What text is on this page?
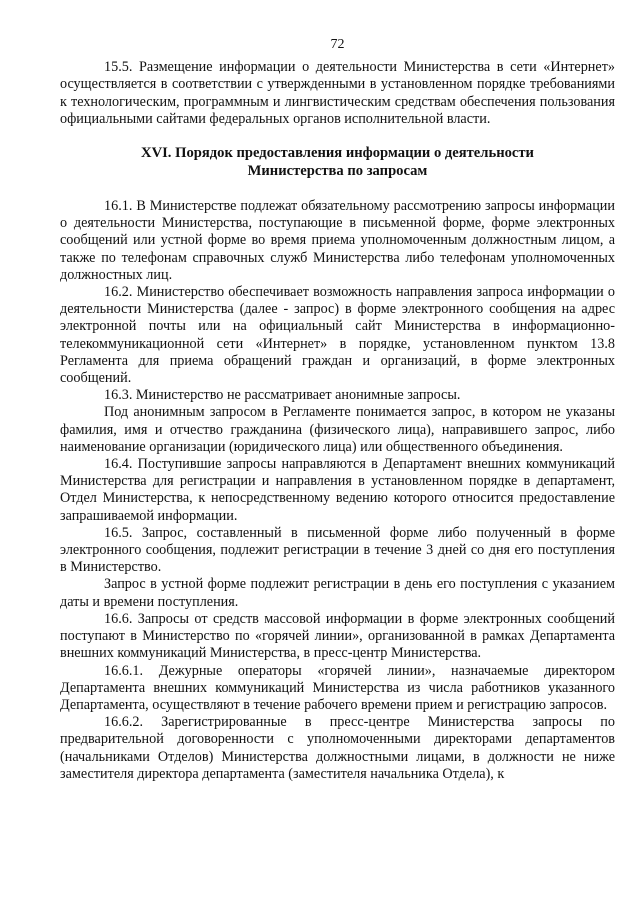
72

15.5. Размещение информации о деятельности Министерства в сети «Интернет» осуществляется в соответствии с утвержденными в установленном порядке требованиями к технологическим, программным и лингвистическим средствам обеспечения пользования официальными сайтами федеральных органов исполнительной власти.

XVI. Порядок предоставления информации о деятельности
Министерства по запросам

16.1. В Министерстве подлежат обязательному рассмотрению запросы информации о деятельности Министерства, поступающие в письменной форме, форме электронных сообщений или устной форме во время приема уполномоченным должностным лицом, а также по телефонам справочных служб Министерства либо телефонам уполномоченных должностных лиц.

16.2. Министерство обеспечивает возможность направления запроса информации о деятельности Министерства (далее - запрос) в форме электронного сообщения на адрес электронной почты или на официальный сайт Министерства в информационно-телекоммуникационной сети «Интернет» в порядке, установленном пунктом 13.8 Регламента для приема обращений граждан и организаций, в форме электронных сообщений.

16.3. Министерство не рассматривает анонимные запросы.

Под анонимным запросом в Регламенте понимается запрос, в котором не указаны фамилия, имя и отчество гражданина (физического лица), направившего запрос, либо наименование организации (юридического лица) или общественного объединения.

16.4. Поступившие запросы направляются в Департамент внешних коммуникаций Министерства для регистрации и направления в установленном порядке в департамент, Отдел Министерства, к непосредственному ведению которого относится предоставление запрашиваемой информации.

16.5. Запрос, составленный в письменной форме либо полученный в форме электронного сообщения, подлежит регистрации в течение 3 дней со дня его поступления в Министерство.

Запрос в устной форме подлежит регистрации в день его поступления с указанием даты и времени поступления.

16.6. Запросы от средств массовой информации в форме электронных сообщений поступают в Министерство по «горячей линии», организованной в рамках Департамента внешних коммуникаций Министерства, в пресс-центр Министерства.

16.6.1. Дежурные операторы «горячей линии», назначаемые директором Департамента внешних коммуникаций Министерства из числа работников указанного Департамента, осуществляют в течение рабочего времени прием и регистрацию запросов.

16.6.2. Зарегистрированные в пресс-центре Министерства запросы по предварительной договоренности с уполномоченными директорами департаментов (начальниками Отделов) Министерства должностными лицами, в должности не ниже заместителя директора департамента (заместителя начальника Отдела), к
